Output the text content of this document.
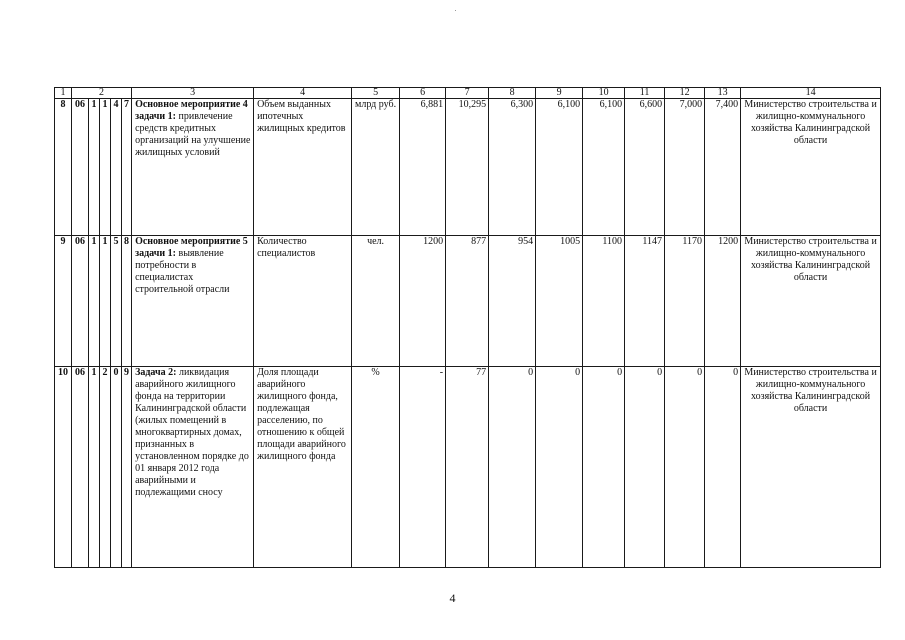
1	2					3	4	5	6	7	8	9	10	11	12	13	14
8	06	1	1	4	7	Основное мероприятие 4 задачи 1: привлечение средств кредитных организаций на улучшение жилищных условий	Объем выданных ипотечных жилищных кредитов	млрд руб.	6,881	10,295	6,300	6,100	6,100	6,600	7,000	7,400	Министерство строительства и жилищно-коммунального хозяйства Калининградской области
9	06	1	1	5	8	Основное мероприятие 5 задачи 1: выявление потребности в специалистах строительной отрасли	Количество специалистов	чел.	1200	877	954	1005	1100	1147	1170	1200	Министерство строительства и жилищно-коммунального хозяйства Калининградской области
10	06	1	2	0	9	Задача 2: ликвидация аварийного жилищного фонда на территории Калининградской области (жилых помещений в многоквартирных домах, признанных в установленном порядке до 01 января 2012 года аварийными и подлежащими сносу	Доля площади аварийного жилищного фонда, подлежащая расселению, по отношению к общей площади аварийного жилищного фонда	%	-	77	0	0	0	0	0	0	Министерство строительства и жилищно-коммунального хозяйства Калининградской области
4
